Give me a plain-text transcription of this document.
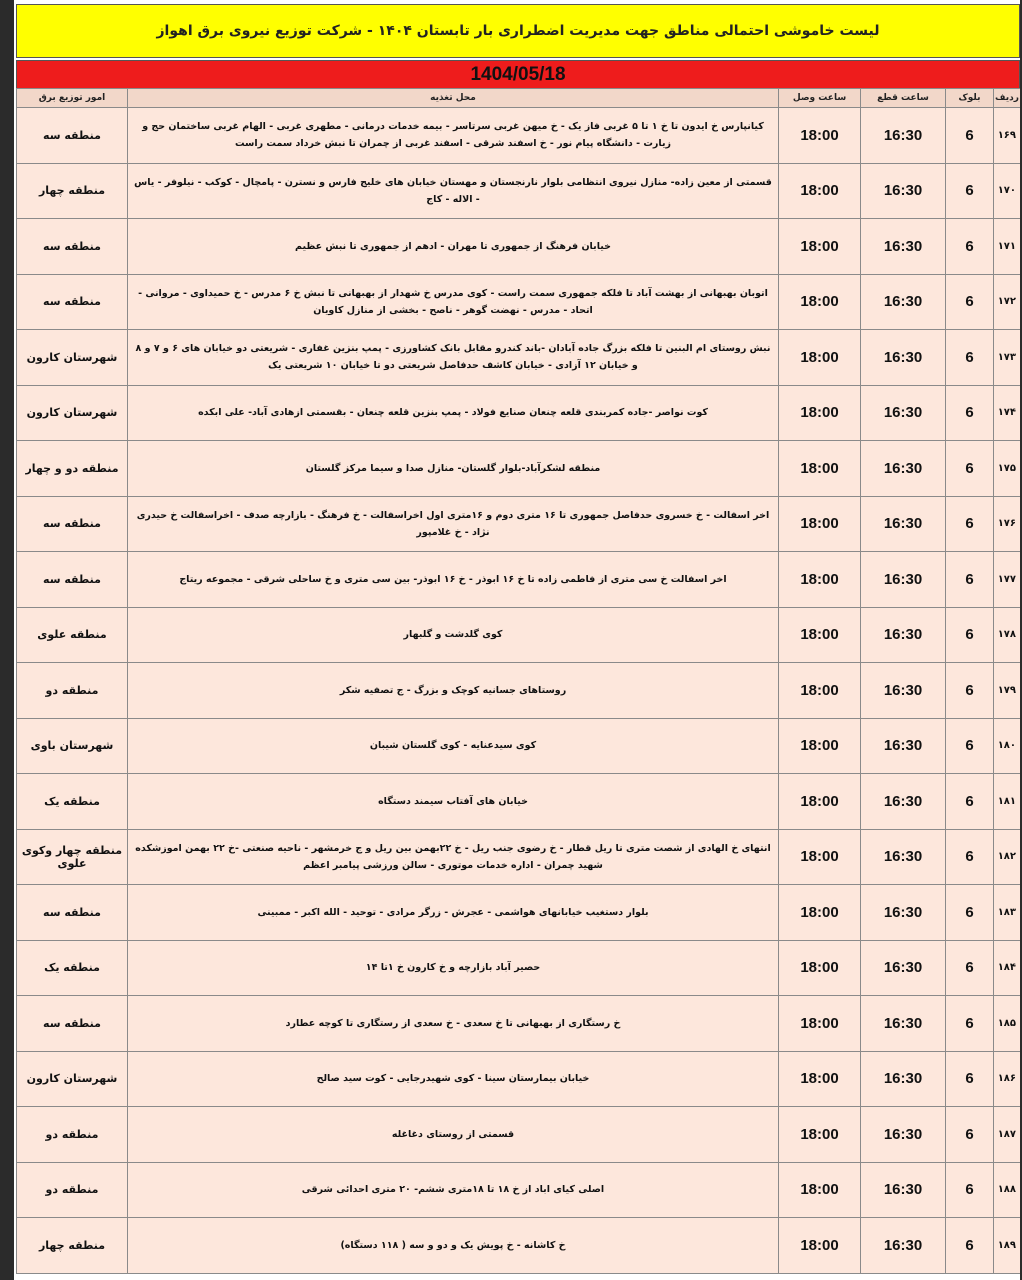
لیست خاموشی احتمالی مناطق جهت مدیریت اضطراری بار تابستان ۱۴۰۴ - شرکت توزیع نیروی برق اهواز
1404/05/18
ردیف	بلوک	ساعت قطع	ساعت وصل	محل تغذیه	امور توزیع برق
۱۶۹	6	16:30	18:00	کیانپارس خ ایدون تا خ ۱ تا ۵ غربی فاز یک - خ میهن غربی سرتاسر - بیمه خدمات درمانی - مطهری غربی - الهام غربی ساختمان حج و زیارت - دانشگاه پیام نور - خ اسفند شرقی - اسفند غربی از چمران تا نبش خرداد سمت راست	منطقه سه
۱۷۰	6	16:30	18:00	قسمتی از معین زاده- منازل نیروی انتظامی بلوار نارنجستان و مهستان خیابان های خلیج فارس و نسترن - پامچال - کوکب - نیلوفر - یاس - الاله - کاج	منطقه چهار
۱۷۱	6	16:30	18:00	خیابان فرهنگ از جمهوری تا مهران - ادهم از جمهوری تا نبش عظیم	منطقه سه
۱۷۲	6	16:30	18:00	اتوبان بهبهانی از بهشت آباد تا فلکه جمهوری سمت راست - کوی مدرس خ شهدار از بهبهانی تا نبش خ ۶ مدرس - خ حمیداوی - مروانی - اتحاد - مدرس - نهضت گوهر - ناصح - بخشی از منازل کاویان	منطقه سه
۱۷۳	6	16:30	18:00	نبش روستای ام البنین تا فلکه بزرگ جاده آبادان -باند کندرو مقابل بانک کشاورزی - پمپ بنزین غفاری - شریعتی دو خیابان های ۶ و ۷ و ۸ و خیابان ۱۲ آزادی - خیابان کاشف حدفاصل شریعتی دو تا خیابان ۱۰ شریعتی یک	شهرستان کارون
۱۷۴	6	16:30	18:00	کوت نواصر -جاده کمربندی قلعه چنعان صنایع فولاد - پمپ بنزین قلعه چنعان - بقسمتی ازهادی آباد- علی ابکده	شهرستان کارون
۱۷۵	6	16:30	18:00	منطقه لشکرآباد-بلوار گلستان- منازل صدا و سیما مرکز گلستان	منطقه دو و چهار
۱۷۶	6	16:30	18:00	اخر اسفالت - خ خسروی حدفاصل جمهوری تا ۱۶ متری دوم و ۱۶متری اول اخراسفالت - خ فرهنگ - بازارچه صدف - اخراسفالت خ حیدری نژاد - خ غلامپور	منطقه سه
۱۷۷	6	16:30	18:00	اخر اسفالت خ سی متری از فاطمی زاده تا خ ۱۶ ابوذر - خ ۱۶ ابوذر- بین سی متری و خ ساحلی شرقی - مجموعه ریتاج	منطقه سه
۱۷۸	6	16:30	18:00	کوی گلدشت و گلبهار	منطقه علوی
۱۷۹	6	16:30	18:00	روستاهای جسانیه کوچک و بزرگ - ج تصفیه شکر	منطقه دو
۱۸۰	6	16:30	18:00	کوی سیدعنایه - کوی گلستان شیبان	شهرستان باوی
۱۸۱	6	16:30	18:00	خیابان های آفتاب سیمند دستگاه	منطقه یک
۱۸۲	6	16:30	18:00	انتهای خ الهادی از شصت متری تا ریل قطار - خ رضوی جنب ریل - خ ۲۲بهمن بین ریل و ج خرمشهر - ناحیه صنعتی -خ ۲۲ بهمن اموزشکده شهید چمران - اداره خدمات موتوری - سالن ورزشی پیامبر اعظم	منطقه چهار وکوی علوی
۱۸۳	6	16:30	18:00	بلوار دستغیب خیابانهای هواشمی - عجرش - زرگر مرادی - توحید - الله اکبر - ممبینی	منطقه سه
۱۸۴	6	16:30	18:00	حصیر آباد بازارچه و خ کارون خ ۱تا ۱۴	منطقه یک
۱۸۵	6	16:30	18:00	خ رستگاری از بهبهانی تا خ سعدی - خ سعدی از رستگاری تا کوچه عطارد	منطقه سه
۱۸۶	6	16:30	18:00	خیابان بیمارستان سینا - کوی شهیدرجایی - کوت سید صالح	شهرستان کارون
۱۸۷	6	16:30	18:00	قسمتی از روستای دغاغله	منطقه دو
۱۸۸	6	16:30	18:00	اصلی کیای اباد از خ ۱۸ تا ۱۸متری ششم- ۲۰ متری احدائی شرقی	منطقه دو
۱۸۹	6	16:30	18:00	خ کاشانه - خ پویش یک و دو و سه ( ۱۱۸ دستگاه)	منطقه چهار
